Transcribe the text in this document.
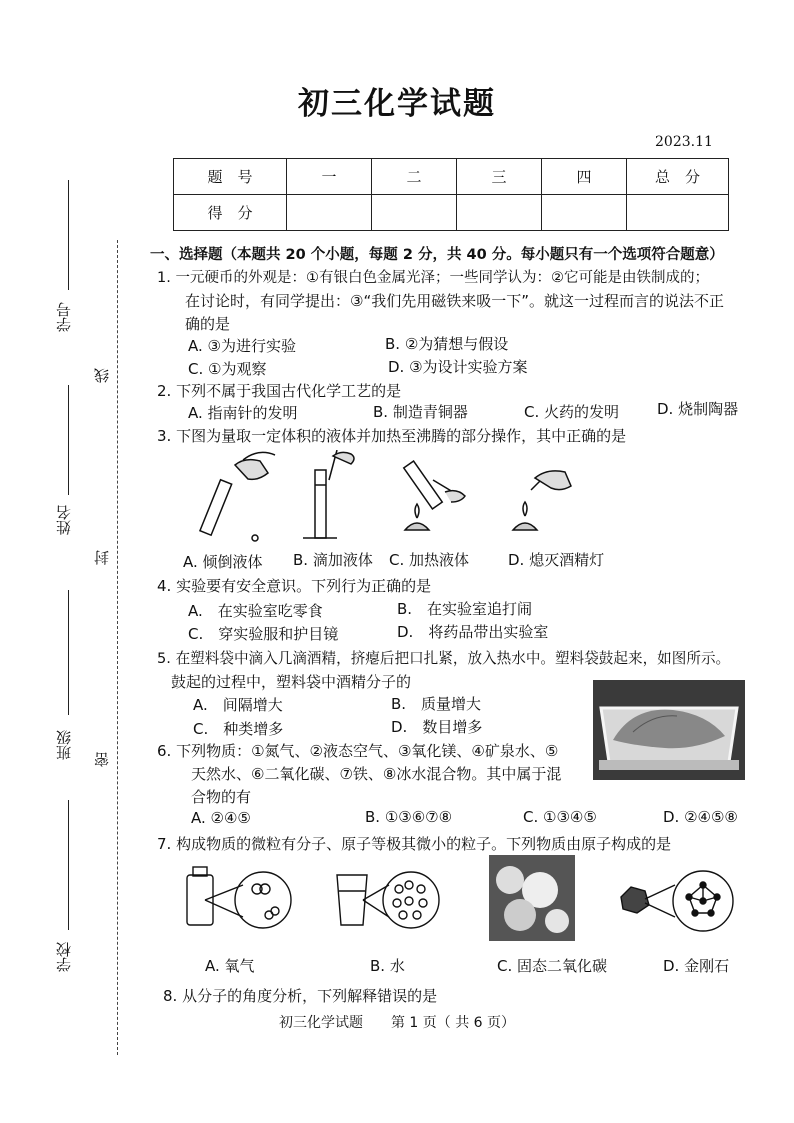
学号
姓名
班级
学校
线
封
密
初三化学试题
2023.11
题　号	一	二	三	四	总　分
得　分					
一、选择题（本题共 20 个小题，每题 2 分，共 40 分。每小题只有一个选项符合题意）
1. 一元硬币的外观是：①有银白色金属光泽；一些同学认为：②它可能是由铁制成的；
在讨论时，有同学提出：③“我们先用磁铁来吸一下”。就这一过程而言的说法不正
确的是
A. ③为进行实验	B. ②为猜想与假设
C. ①为观察	D. ③为设计实验方案
2. 下列不属于我国古代化学工艺的是
A. 指南针的发明	B. 制造青铜器	C. 火药的发明	D. 烧制陶器
3. 下图为量取一定体积的液体并加热至沸腾的部分操作，其中正确的是
A. 倾倒液体 B. 滴加液体 C. 加热液体	D. 熄灭酒精灯
4. 实验要有安全意识。下列行为正确的是
A.　在实验室吃零食	B.　在实验室追打闹
C.　穿实验服和护目镜	D.　将药品带出实验室
5. 在塑料袋中滴入几滴酒精，挤瘪后把口扎紧，放入热水中。塑料袋鼓起来，如图所示。
鼓起的过程中，塑料袋中酒精分子的
A.　间隔增大	B.　质量增大
C.　种类增多	D.　数目增多
6. 下列物质：①氮气、②液态空气、③氧化镁、④矿泉水、⑤
天然水、⑥二氧化碳、⑦铁、⑧冰水混合物。其中属于混
合物的有
A. ②④⑤	B. ①③⑥⑦⑧	C. ①③④⑤	D. ②④⑤⑧
7. 构成物质的微粒有分子、原子等极其微小的粒子。下列物质由原子构成的是
A. 氧气	B. 水	C. 固态二氧化碳	D. 金刚石
8. 从分子的角度分析，下列解释错误的是
初三化学试题　　第 1 页（ 共 6 页）
